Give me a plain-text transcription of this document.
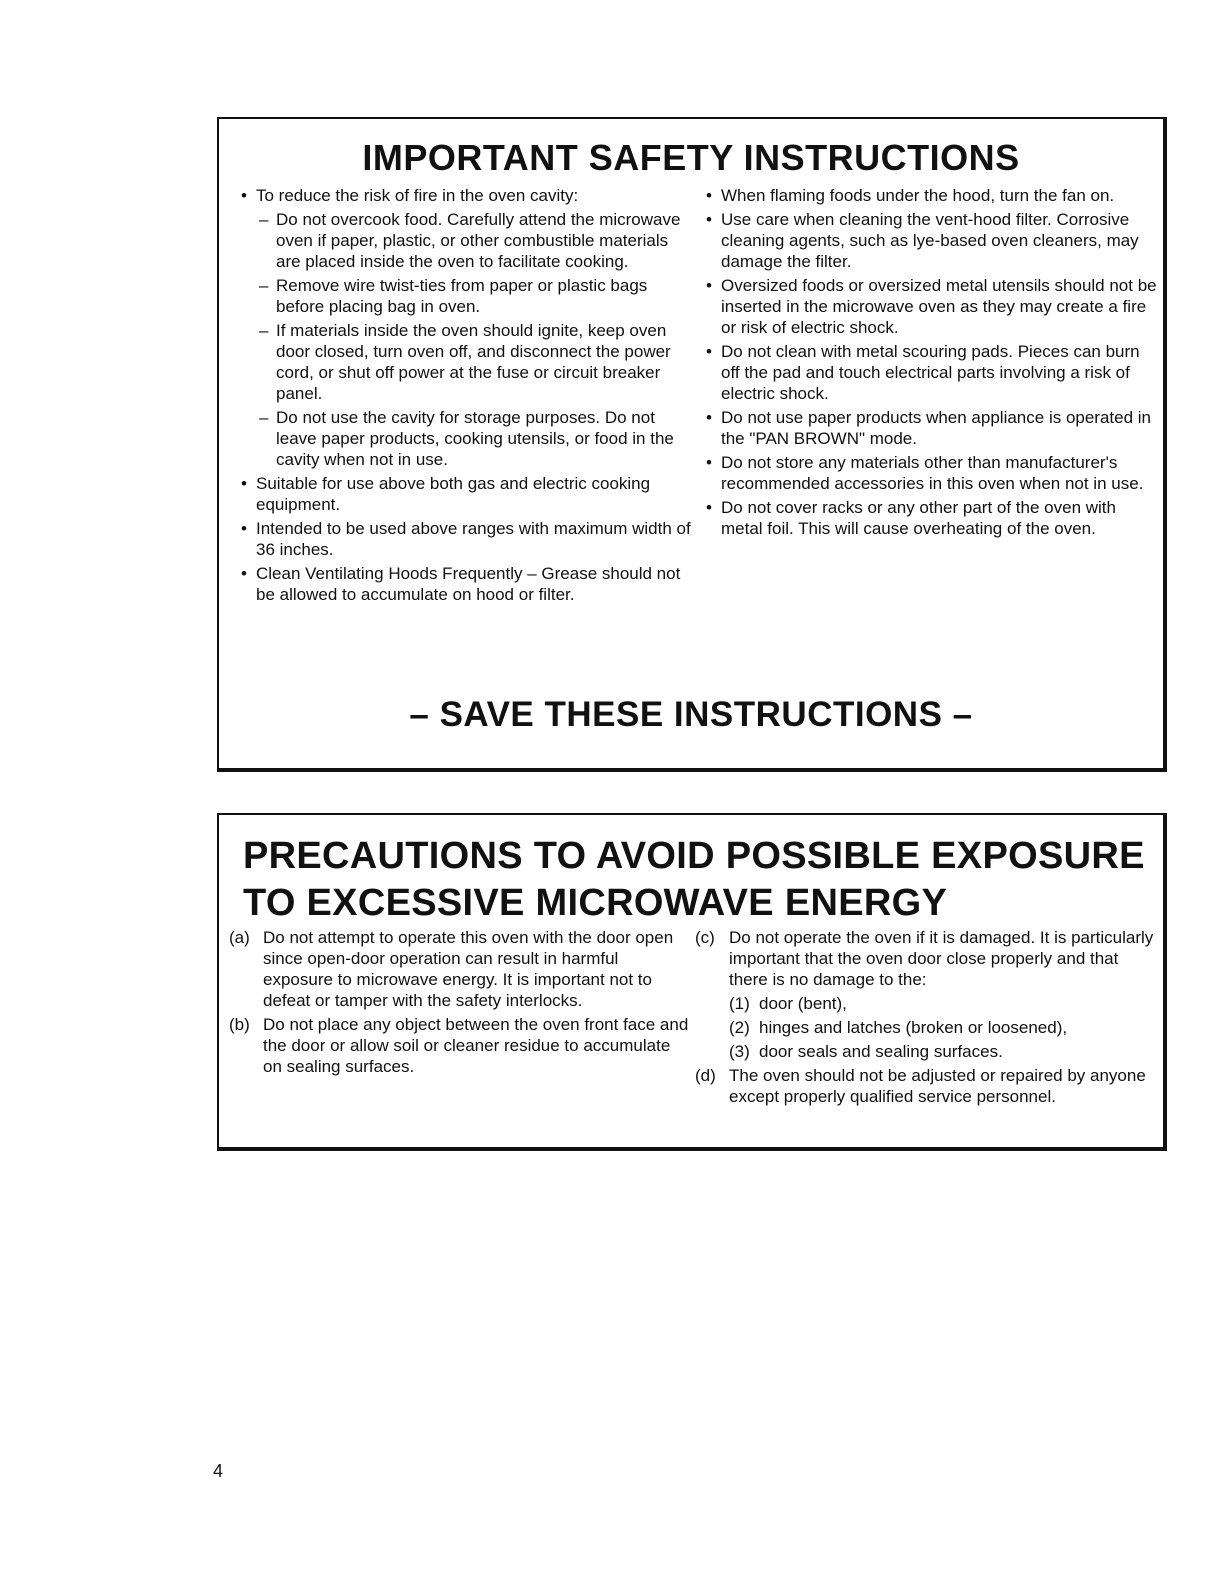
IMPORTANT SAFETY INSTRUCTIONS
• To reduce the risk of fire in the oven cavity:
– Do not overcook food. Carefully attend the microwave oven if paper, plastic, or other combustible materials are placed inside the oven to facilitate cooking.
– Remove wire twist-ties from paper or plastic bags before placing bag in oven.
– If materials inside the oven should ignite, keep oven door closed, turn oven off, and disconnect the power cord, or shut off power at the fuse or circuit breaker panel.
– Do not use the cavity for storage purposes. Do not leave paper products, cooking utensils, or food in the cavity when not in use.
• Suitable for use above both gas and electric cooking equipment.
• Intended to be used above ranges with maximum width of 36 inches.
• Clean Ventilating Hoods Frequently – Grease should not be allowed to accumulate on hood or filter.
• When flaming foods under the hood, turn the fan on.
• Use care when cleaning the vent-hood filter. Corrosive cleaning agents, such as lye-based oven cleaners, may damage the filter.
• Oversized foods or oversized metal utensils should not be inserted in the microwave oven as they may create a fire or risk of electric shock.
• Do not clean with metal scouring pads. Pieces can burn off the pad and touch electrical parts involving a risk of electric shock.
• Do not use paper products when appliance is operated in the "PAN BROWN" mode.
• Do not store any materials other than manufacturer's recommended accessories in this oven when not in use.
• Do not cover racks or any other part of the oven with metal foil. This will cause overheating of the oven.
– SAVE THESE INSTRUCTIONS –
PRECAUTIONS TO AVOID POSSIBLE EXPOSURE TO EXCESSIVE MICROWAVE ENERGY
(a) Do not attempt to operate this oven with the door open since open-door operation can result in harmful exposure to microwave energy. It is important not to defeat or tamper with the safety interlocks.
(b) Do not place any object between the oven front face and the door or allow soil or cleaner residue to accumulate on sealing surfaces.
(c) Do not operate the oven if it is damaged. It is particularly important that the oven door close properly and that there is no damage to the:
(1) door (bent),
(2) hinges and latches (broken or loosened),
(3) door seals and sealing surfaces.
(d) The oven should not be adjusted or repaired by anyone except properly qualified service personnel.
4
